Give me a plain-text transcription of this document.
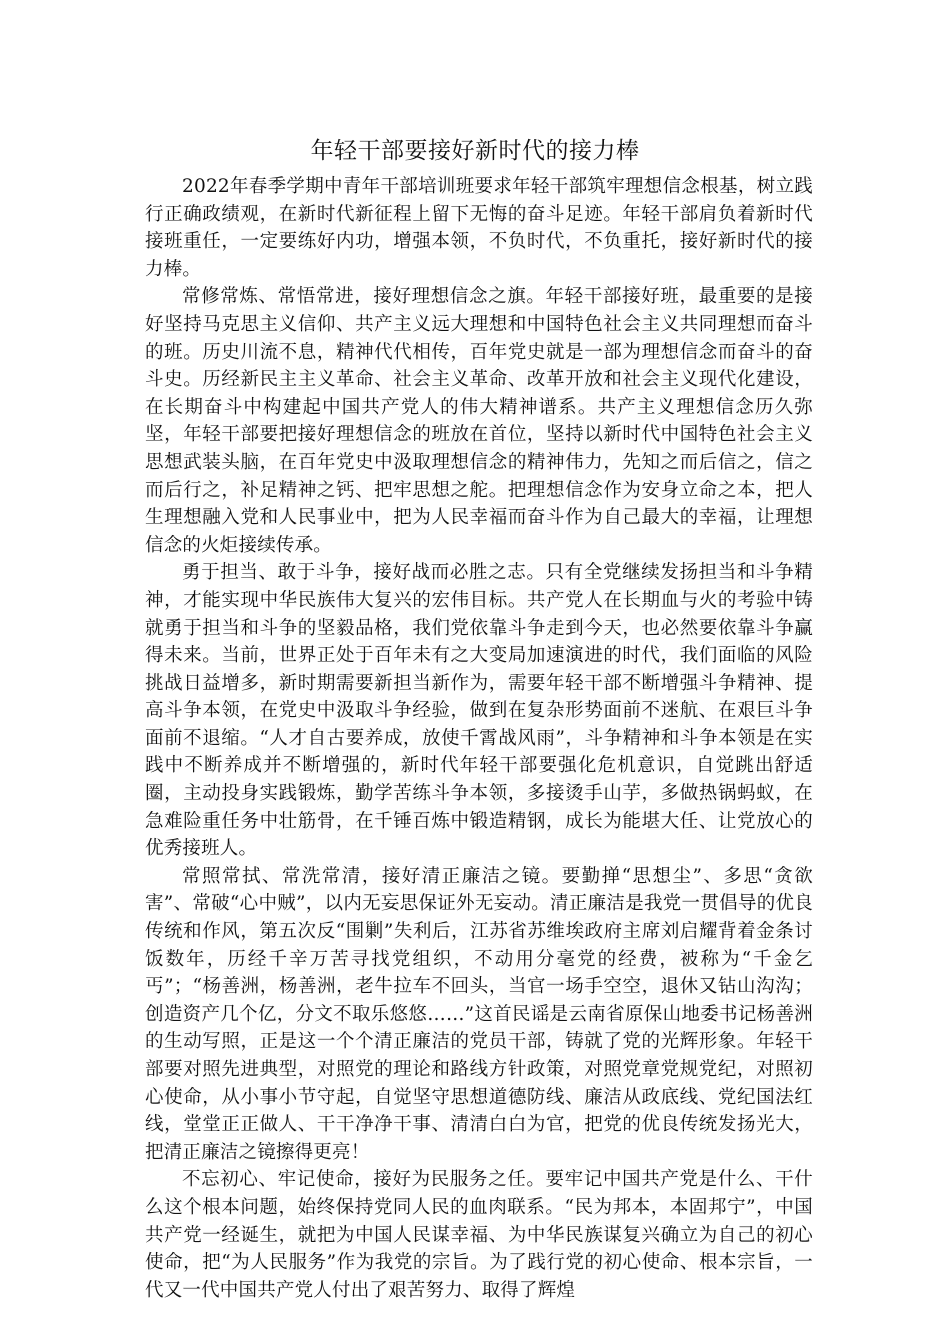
年轻干部要接好新时代的接力棒

2022年春季学期中青年干部培训班要求年轻干部筑牢理想信念根基，树立践行正确政绩观，在新时代新征程上留下无悔的奋斗足迹。年轻干部肩负着新时代接班重任，一定要练好内功，增强本领，不负时代，不负重托，接好新时代的接力棒。

常修常炼、常悟常进，接好理想信念之旗。年轻干部接好班，最重要的是接好坚持马克思主义信仰、共产主义远大理想和中国特色社会主义共同理想而奋斗的班。历史川流不息，精神代代相传，百年党史就是一部为理想信念而奋斗的奋斗史。历经新民主主义革命、社会主义革命、改革开放和社会主义现代化建设，在长期奋斗中构建起中国共产党人的伟大精神谱系。共产主义理想信念历久弥坚，年轻干部要把接好理想信念的班放在首位，坚持以新时代中国特色社会主义思想武装头脑，在百年党史中汲取理想信念的精神伟力，先知之而后信之，信之而后行之，补足精神之钙、把牢思想之舵。把理想信念作为安身立命之本，把人生理想融入党和人民事业中，把为人民幸福而奋斗作为自己最大的幸福，让理想信念的火炬接续传承。

勇于担当、敢于斗争，接好战而必胜之志。只有全党继续发扬担当和斗争精神，才能实现中华民族伟大复兴的宏伟目标。共产党人在长期血与火的考验中铸就勇于担当和斗争的坚毅品格，我们党依靠斗争走到今天，也必然要依靠斗争赢得未来。当前，世界正处于百年未有之大变局加速演进的时代，我们面临的风险挑战日益增多，新时期需要新担当新作为，需要年轻干部不断增强斗争精神、提高斗争本领，在党史中汲取斗争经验，做到在复杂形势面前不迷航、在艰巨斗争面前不退缩。“人才自古要养成，放使千霄战风雨”，斗争精神和斗争本领是在实践中不断养成并不断增强的，新时代年轻干部要强化危机意识，自觉跳出舒适圈，主动投身实践锻炼，勤学苦练斗争本领，多接烫手山芋，多做热锅蚂蚁，在急难险重任务中壮筋骨，在千锤百炼中锻造精钢，成长为能堪大任、让党放心的优秀接班人。

常照常拭、常洗常清，接好清正廉洁之镜。要勤掸“思想尘”、多思“贪欲害”、常破“心中贼”，以内无妄思保证外无妄动。清正廉洁是我党一贯倡导的优良传统和作风，第五次反“围剿”失利后，江苏省苏维埃政府主席刘启耀背着金条讨饭数年，历经千辛万苦寻找党组织，不动用分毫党的经费，被称为“千金乞丐”；“杨善洲，杨善洲，老牛拉车不回头，当官一场手空空，退休又钻山沟沟；创造资产几个亿，分文不取乐悠悠……”这首民谣是云南省原保山地委书记杨善洲的生动写照，正是这一个个清正廉洁的党员干部，铸就了党的光辉形象。年轻干部要对照先进典型，对照党的理论和路线方针政策，对照党章党规党纪，对照初心使命，从小事小节守起，自觉坚守思想道德防线、廉洁从政底线、党纪国法红线，堂堂正正做人、干干净净干事、清清白白为官，把党的优良传统发扬光大，把清正廉洁之镜擦得更亮！

不忘初心、牢记使命，接好为民服务之任。要牢记中国共产党是什么、干什么这个根本问题，始终保持党同人民的血肉联系。“民为邦本，本固邦宁”，中国共产党一经诞生，就把为中国人民谋幸福、为中华民族谋复兴确立为自己的初心使命，把“为人民服务”作为我党的宗旨。为了践行党的初心使命、根本宗旨，一代又一代中国共产党人付出了艰苦努力、取得了辉煌
